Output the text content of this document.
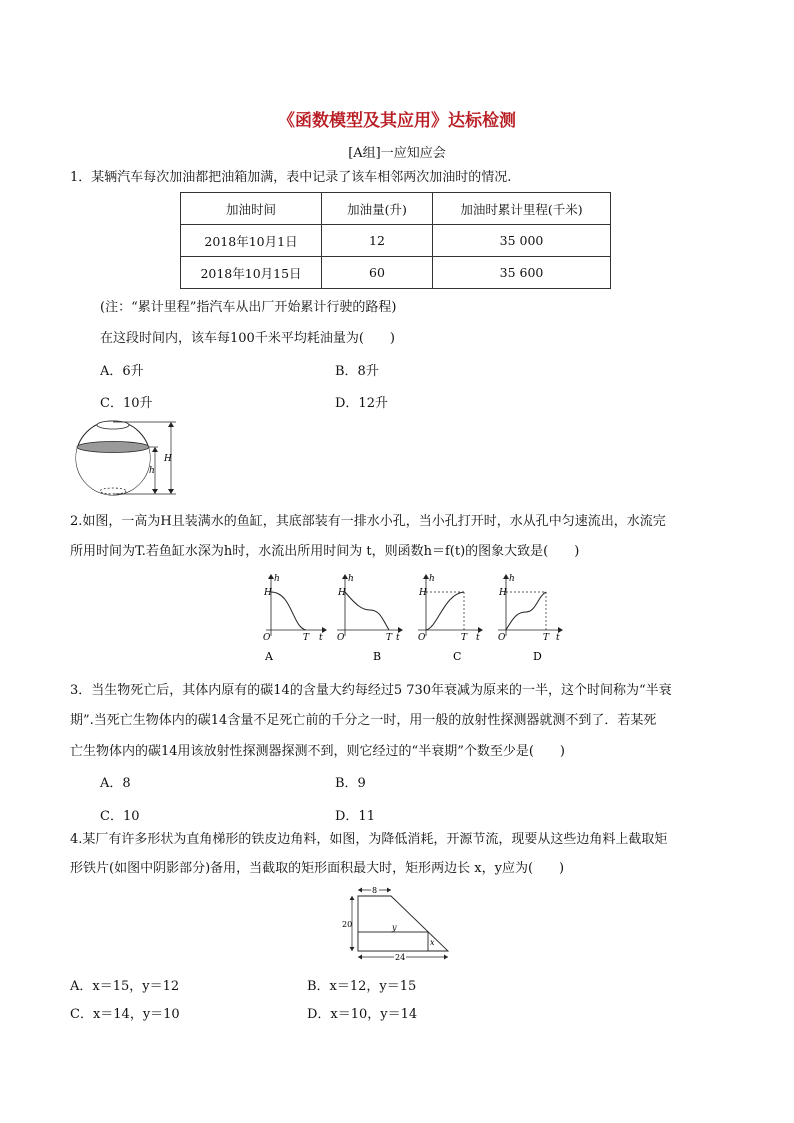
《函数模型及其应用》达标检测
[A组]一应知应会
1．某辆汽车每次加油都把油箱加满，表中记录了该车相邻两次加油时的情况.
加油时间	加油量(升)	加油时累计里程(千米)
2018年10月1日	12	35 000
2018年10月15日	60	35 600
(注：“累计里程”指汽车从出厂开始累计行驶的路程)
在这段时间内，该车每100千米平均耗油量为(　　)
A．6升	B．8升
C．10升	D．12升
H
h
2.如图，一高为H且装满水的鱼缸，其底部装有一排水小孔，当小孔打开时，水从孔中匀速流出，水流完
所用时间为T.若鱼缸水深为h时，水流出所用时间为 t，则函数h＝f(t)的图象大致是(　　)
h
H
O	T t
A
h
H
O	T t
B
h
H
O	T t
C
h
H
O	T t
D
3．当生物死亡后，其体内原有的碳14的含量大约每经过5 730年衰减为原来的一半，这个时间称为“半衰
期”.当死亡生物体内的碳14含量不足死亡前的千分之一时，用一般的放射性探测器就测不到了．若某死
亡生物体内的碳14用该放射性探测器探测不到，则它经过的“半衰期”个数至少是(　　)
A．8	B．9
C．10	D．11
4.某厂有许多形状为直角梯形的铁皮边角料，如图，为降低消耗，开源节流，现要从这些边角料上截取矩
形铁片(如图中阴影部分)备用，当截取的矩形面积最大时，矩形两边长 x，y应为(　　)
8
20	y
x
24
A．x＝15，y＝12	B．x＝12，y＝15
C．x＝14，y＝10	D．x＝10，y＝14
